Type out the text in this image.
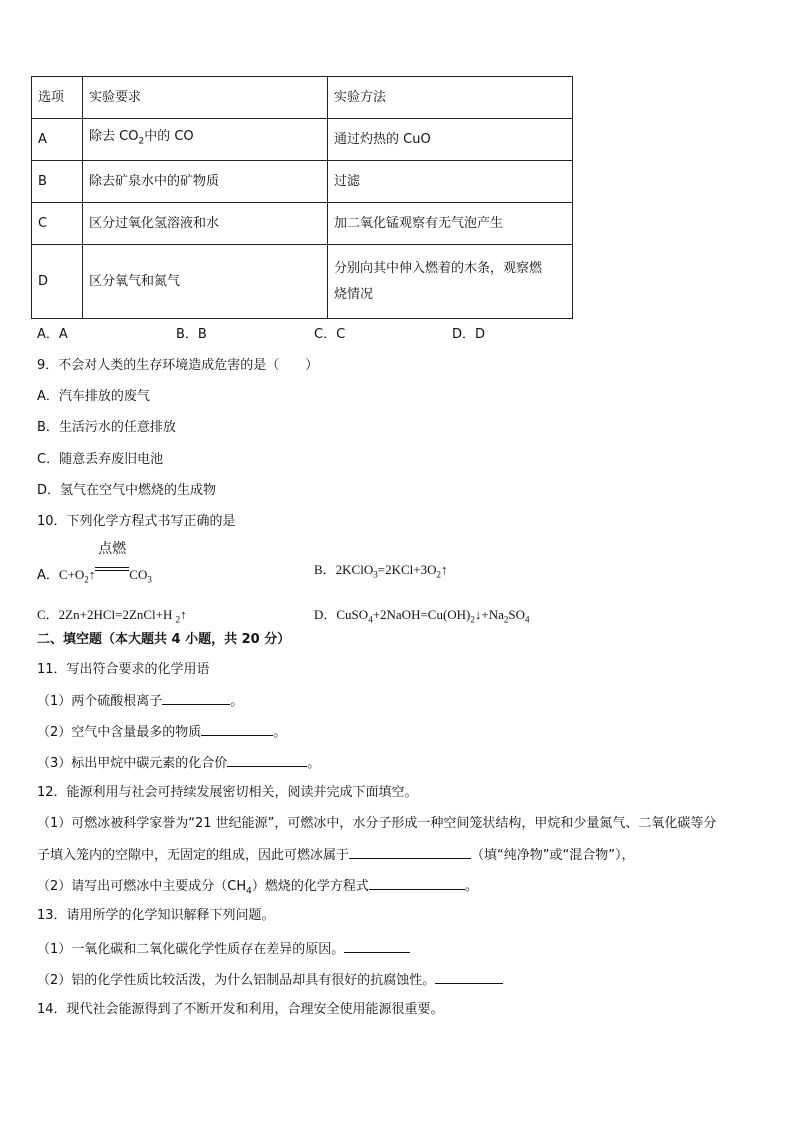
选项	实验要求	实验方法
A	除去 $CO_2$中的 CO	通过灼热的 CuO
B	除去矿泉水中的矿物质	过滤
C	区分过氧化氢溶液和水	加二氧化锰观察有无气泡产生
D	区分氧气和氮气	分别向其中伸入燃着的木条，观察燃
烧情况
A．A	B．B	C．C	D．D
9．不会对人类的生存环境造成危害的是（　　）
A．汽车排放的废气
B．生活污水的任意排放
C．随意丢弃废旧电池
D．氢气在空气中燃烧的生成物
10．下列化学方程式书写正确的是
A．$C+O_2↑$
点燃
$CO_3$
B．$2KClO_3=2KCl+3O_2↑$
C．2Zn+2HCl=2ZnCl+H $_2$↑	D．$CuSO_4+2NaOH=Cu(OH)_2↓+Na_2SO_4$
二、填空题（本大题共 4 小题，共 20 分）
11．写出符合要求的化学用语
（1）两个硫酸根离子	。
（2）空气中含量最多的物质	。
（3）标出甲烷中碳元素的化合价	。
12．能源利用与社会可持续发展密切相关，阅读并完成下面填空。
（1）可燃冰被科学家誉为“21 世纪能源”，可燃冰中，水分子形成一种空间笼状结构，甲烷和少量氮气、二氧化碳等分
子填入笼内的空隙中，无固定的组成，因此可燃冰属于	（填“纯净物”或“混合物”），
（2）请写出可燃冰中主要成分$(CH_4)$燃烧的化学方程式	。
13．请用所学的化学知识解释下列问题。
（1）一氧化碳和二氧化碳化学性质存在差异的原因。
（2）铝的化学性质比较活泼，为什么铝制品却具有很好的抗腐蚀性。
14．现代社会能源得到了不断开发和利用，合理安全使用能源很重要。
